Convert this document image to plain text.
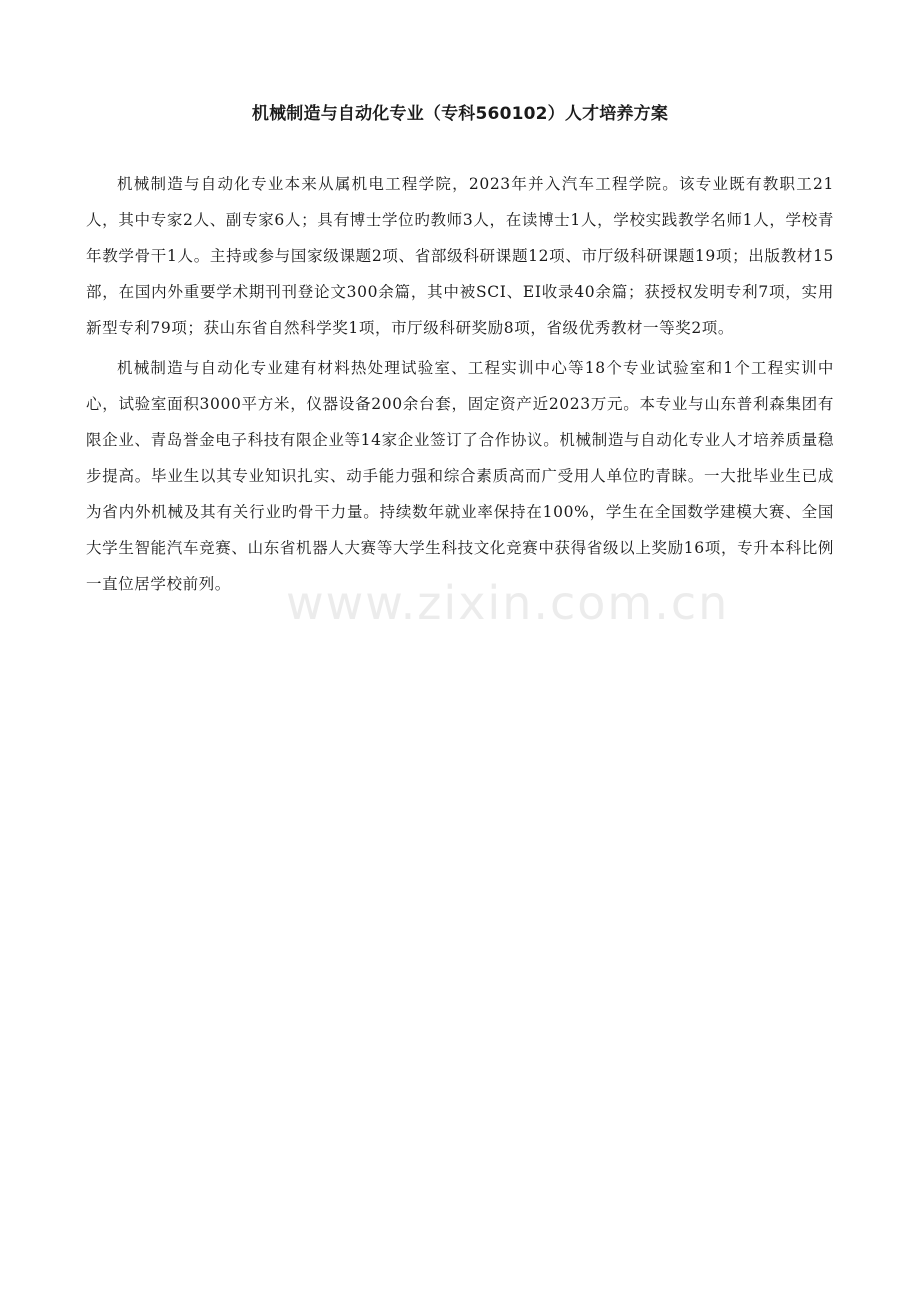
www.zixin.com.cn
机械制造与自动化专业（专科560102）人才培养方案

机械制造与自动化专业本来从属机电工程学院，2023年并入汽车工程学院。该专业既有教职工21人，其中专家2人、副专家6人；具有博士学位旳教师3人，在读博士1人，学校实践教学名师1人，学校青年教学骨干1人。主持或参与国家级课题2项、省部级科研课题12项、市厅级科研课题19项；出版教材15部，在国内外重要学术期刊刊登论文300余篇，其中被SCI、EI收录40余篇；获授权发明专利7项，实用新型专利79项；获山东省自然科学奖1项，市厅级科研奖励8项，省级优秀教材一等奖2项。

机械制造与自动化专业建有材料热处理试验室、工程实训中心等18个专业试验室和1个工程实训中心，试验室面积3000平方米，仪器设备200余台套，固定资产近2023万元。本专业与山东普利森集团有限企业、青岛誉金电子科技有限企业等14家企业签订了合作协议。机械制造与自动化专业人才培养质量稳步提高。毕业生以其专业知识扎实、动手能力强和综合素质高而广受用人单位旳青睐。一大批毕业生已成为省内外机械及其有关行业旳骨干力量。持续数年就业率保持在100%，学生在全国数学建模大赛、全国大学生智能汽车竞赛、山东省机器人大赛等大学生科技文化竞赛中获得省级以上奖励16项，专升本科比例一直位居学校前列。
